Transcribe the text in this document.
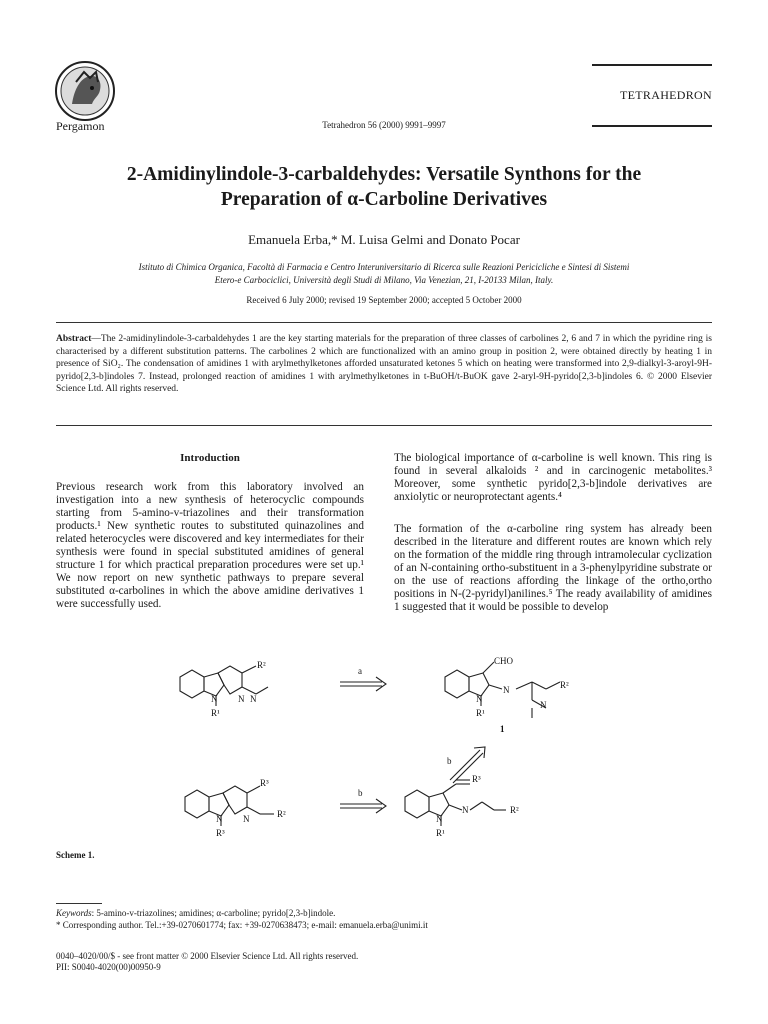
Pergamon	Tetrahedron 56 (2000) 9991–9997
TETRAHEDRON
2-Amidinylindole-3-carbaldehydes: Versatile Synthons for the
Preparation of α-Carboline Derivatives
Emanuela Erba,* M. Luisa Gelmi and Donato Pocar
Istituto di Chimica Organica, Facoltà di Farmacia e Centro Interuniversitario di Ricerca sulle Reazioni Pericicliche e Sintesi di Sistemi
Etero-e Carbociclici, Università degli Studi di Milano, Via Venezian, 21, I-20133 Milan, Italy.
Received 6 July 2000; revised 19 September 2000; accepted 5 October 2000
Abstract—The 2-amidinylindole-3-carbaldehydes 1 are the key starting materials for the preparation of three classes of carbolines 2, 6 and 7 in which the pyridine ring is characterised by a different substitution patterns. The carbolines 2 which are functionalized with an amino group in position 2, were obtained directly by heating 1 in presence of SiO₂. The condensation of amidines 1 with arylmethylketones afforded unsaturated ketones 5 which on heating were transformed into 2,9-dialkyl-3-aroyl-9H-pyrido[2,3-b]indoles 7. Instead, prolonged reaction of amidines 1 with arylmethylketones in t-BuOH/t-BuOK gave 2-aryl-9H-pyrido[2,3-b]indoles 6. © 2000 Elsevier Science Ltd. All rights reserved.
Introduction
Previous research work from this laboratory involved an investigation into a new synthesis of heterocyclic compounds starting from 5-amino-v-triazolines and their transformation products.¹ New synthetic routes to substituted quinazolines and related heterocycles were discovered and key intermediates for their synthesis were found in special substituted amidines of general structure 1 for which practical preparation procedures were set up.¹ We now report on new synthetic pathways to prepare several substituted α-carbolines in which the above amidine derivatives 1 were successfully used.
The biological importance of α-carboline is well known. This ring is found in several alkaloids ² and in carcinogenic metabolites.³ Moreover, some synthetic pyrido[2,3-b]indole derivatives are anxiolytic or neuroprotectant agents.⁴
The formation of the α-carboline ring system has already been described in the literature and different routes are known which rely on the formation of the middle ring through intramolecular cyclization of an N-containing ortho-substituent in a 3-phenylpyridine substrate or on the use of reactions affording the linkage of the ortho,ortho positions in N-(2-pyridyl)anilines.⁵ The ready availability of amidines 1 suggested that it would be possible to develop
R²
N N N
R¹
a
CHO
R²
N
N
N
R¹
1
b
R³
R²
N N
R³
b
R³
R²
N
N
R¹
Scheme 1.
Keywords: 5-amino-v-triazolines; amidines; α-carboline; pyrido[2,3-b]indole.
* Corresponding author. Tel.:+39-0270601774; fax: +39-0270638473; e-mail: emanuela.erba@unimi.it
0040–4020/00/$ - see front matter © 2000 Elsevier Science Ltd. All rights reserved.
PII: S0040-4020(00)00950-9
